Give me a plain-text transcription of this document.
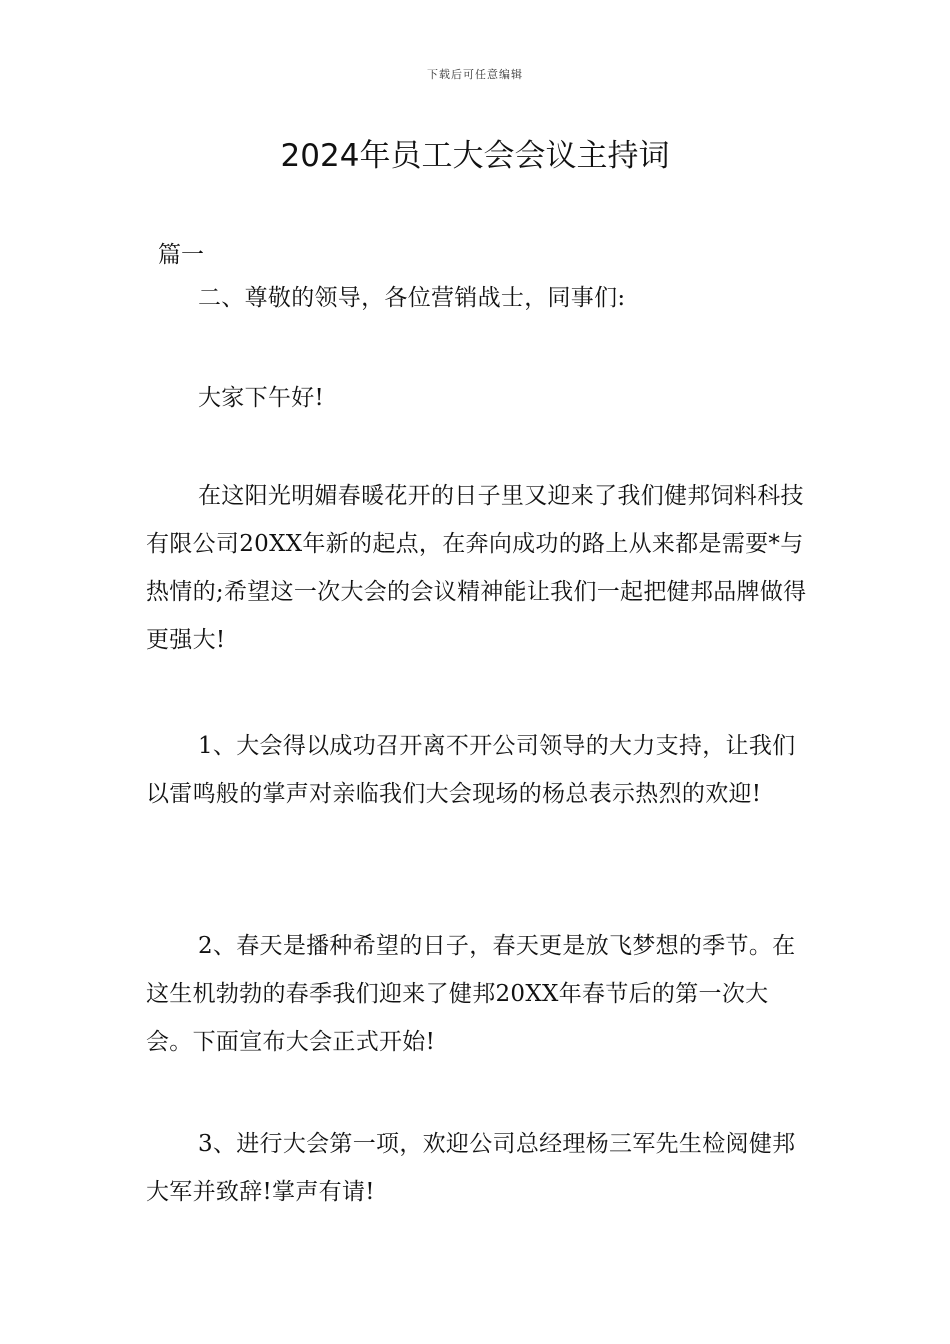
下载后可任意编辑
2024年员工大会会议主持词
篇一

二、尊敬的领导，各位营销战士，同事们:

大家下午好!

在这阳光明媚春暖花开的日子里又迎来了我们健邦饲料科技有限公司20XX年新的起点，在奔向成功的路上从来都是需要*与热情的;希望这一次大会的会议精神能让我们一起把健邦品牌做得更强大!

1、大会得以成功召开离不开公司领导的大力支持，让我们以雷鸣般的掌声对亲临我们大会现场的杨总表示热烈的欢迎!

2、春天是播种希望的日子，春天更是放飞梦想的季节。在这生机勃勃的春季我们迎来了健邦20XX年春节后的第一次大会。下面宣布大会正式开始!

3、进行大会第一项，欢迎公司总经理杨三军先生检阅健邦大军并致辞!掌声有请!
